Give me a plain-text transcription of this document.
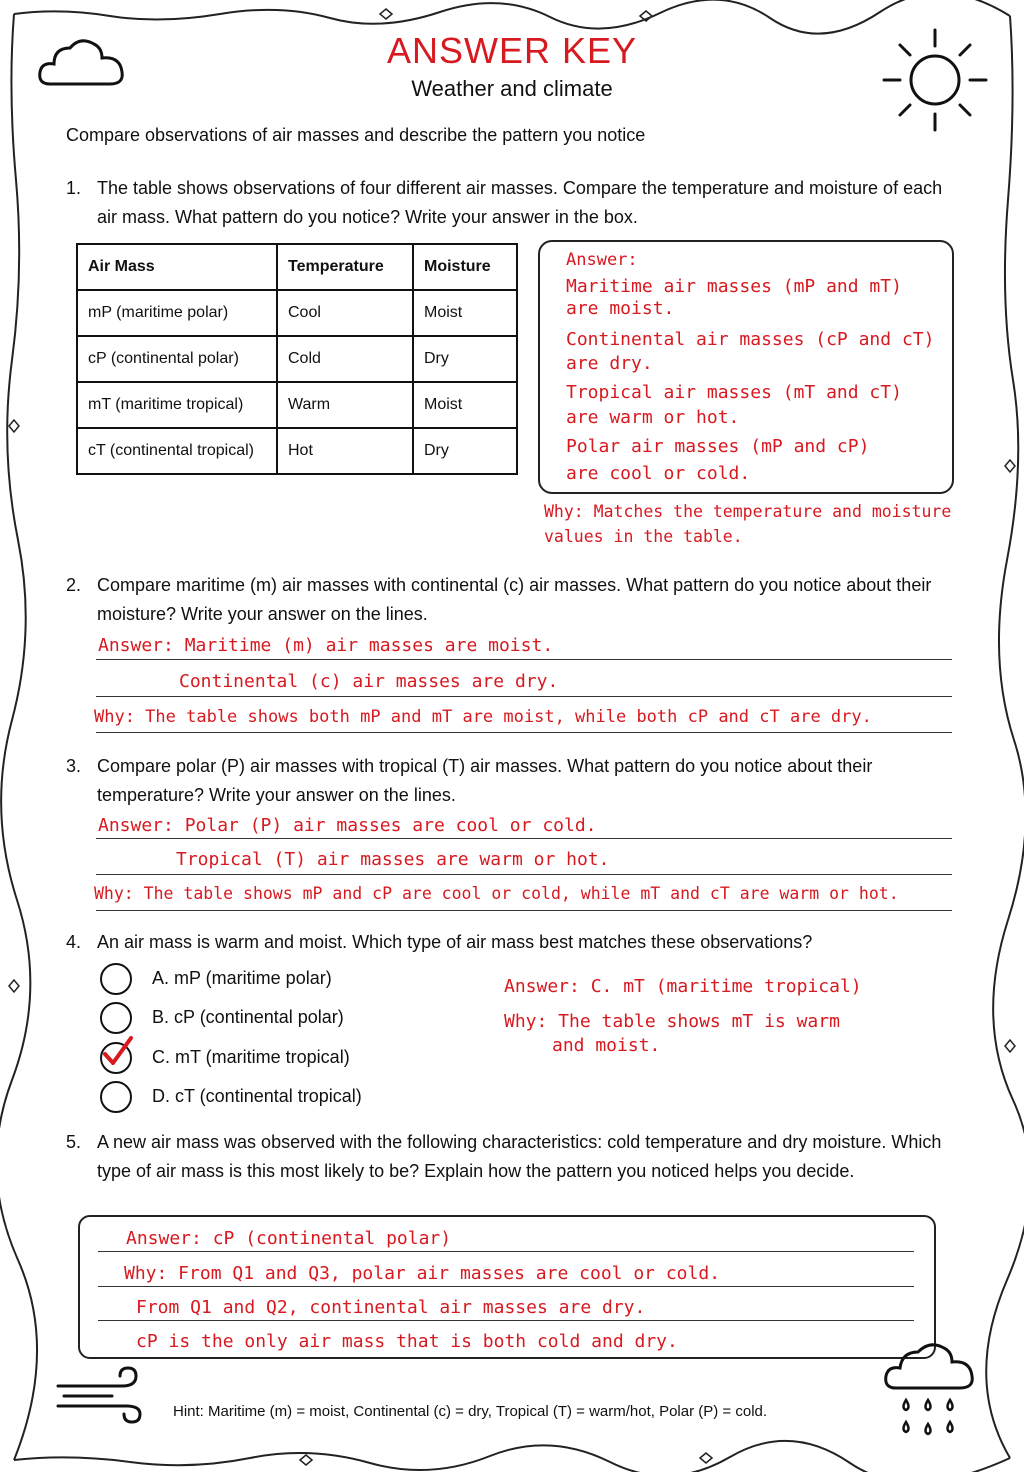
ANSWER KEY
Weather and climate
Compare observations of air masses and describe the pattern you notice
1. The table shows observations of four different air masses. Compare the temperature and moisture of each air mass. What pattern do you notice? Write your answer in the box.
Air Mass	Temperature	Moisture
mP (maritime polar)	Cool	Moist
cP (continental polar)	Cold	Dry
mT (maritime tropical)	Warm	Moist
cT (continental tropical)	Hot	Dry
Answer:
Maritime air masses (mP and mT)
are moist.
Continental air masses (cP and cT)
are dry.
Tropical air masses (mT and cT)
are warm or hot.
Polar air masses (mP and cP)
are cool or cold.
Why: Matches the temperature and moisture
values in the table.
2. Compare maritime (m) air masses with continental (c) air masses. What pattern do you notice about their moisture? Write your answer on the lines.
Answer: Maritime (m) air masses are moist.
Continental (c) air masses are dry.
Why: The table shows both mP and mT are moist, while both cP and cT are dry.
3. Compare polar (P) air masses with tropical (T) air masses. What pattern do you notice about their temperature? Write your answer on the lines.
Answer: Polar (P) air masses are cool or cold.
Tropical (T) air masses are warm or hot.
Why: The table shows mP and cP are cool or cold, while mT and cT are warm or hot.
4. An air mass is warm and moist. Which type of air mass best matches these observations?
A. mP (maritime polar)
B. cP (continental polar)
C. mT (maritime tropical)
D. cT (continental tropical)
Answer: C. mT (maritime tropical)
Why: The table shows mT is warm
and moist.
5. A new air mass was observed with the following characteristics: cold temperature and dry moisture. Which type of air mass is this most likely to be? Explain how the pattern you noticed helps you decide.
Answer: cP (continental polar)
Why: From Q1 and Q3, polar air masses are cool or cold.
From Q1 and Q2, continental air masses are dry.
cP is the only air mass that is both cold and dry.
Hint: Maritime (m) = moist, Continental (c) = dry, Tropical (T) = warm/hot, Polar (P) = cold.
